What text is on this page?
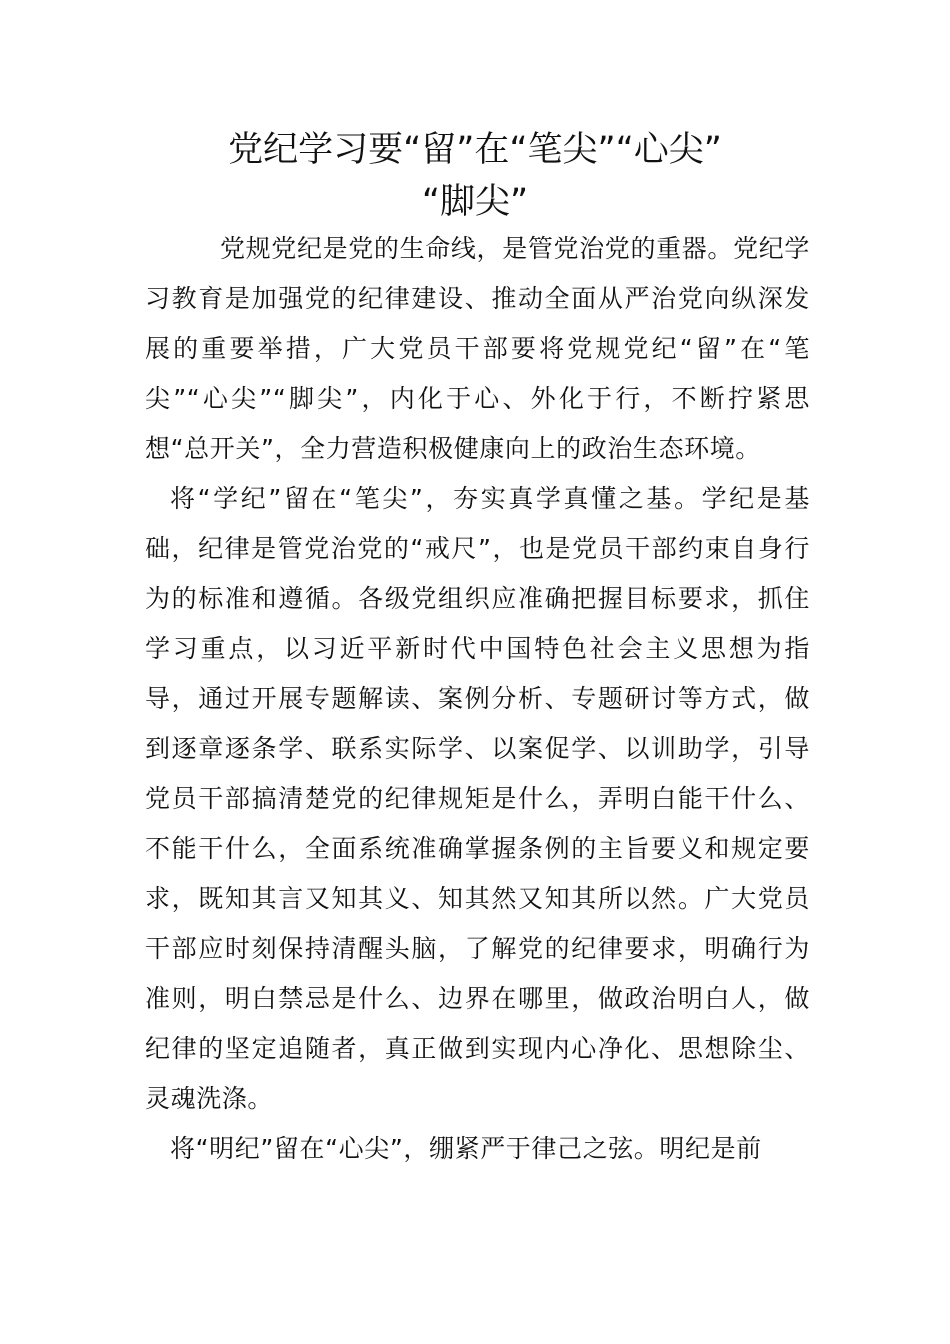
党纪学习要“留”在“笔尖”“心尖”
“脚尖”

党规党纪是党的生命线，是管党治党的重器。党纪学习教育是加强党的纪律建设、推动全面从严治党向纵深发展的重要举措，广大党员干部要将党规党纪“留”在“笔尖”“心尖”“脚尖”，内化于心、外化于行，不断拧紧思想“总开关”，全力营造积极健康向上的政治生态环境。

将“学纪”留在“笔尖”，夯实真学真懂之基。学纪是基础，纪律是管党治党的“戒尺”，也是党员干部约束自身行为的标准和遵循。各级党组织应准确把握目标要求，抓住学习重点，以习近平新时代中国特色社会主义思想为指导，通过开展专题解读、案例分析、专题研讨等方式，做到逐章逐条学、联系实际学、以案促学、以训助学，引导党员干部搞清楚党的纪律规矩是什么，弄明白能干什么、不能干什么，全面系统准确掌握条例的主旨要义和规定要求，既知其言又知其义、知其然又知其所以然。广大党员干部应时刻保持清醒头脑，了解党的纪律要求，明确行为准则，明白禁忌是什么、边界在哪里，做政治明白人，做纪律的坚定追随者，真正做到实现内心净化、思想除尘、灵魂洗涤。

将“明纪”留在“心尖”，绷紧严于律己之弦。明纪是前
